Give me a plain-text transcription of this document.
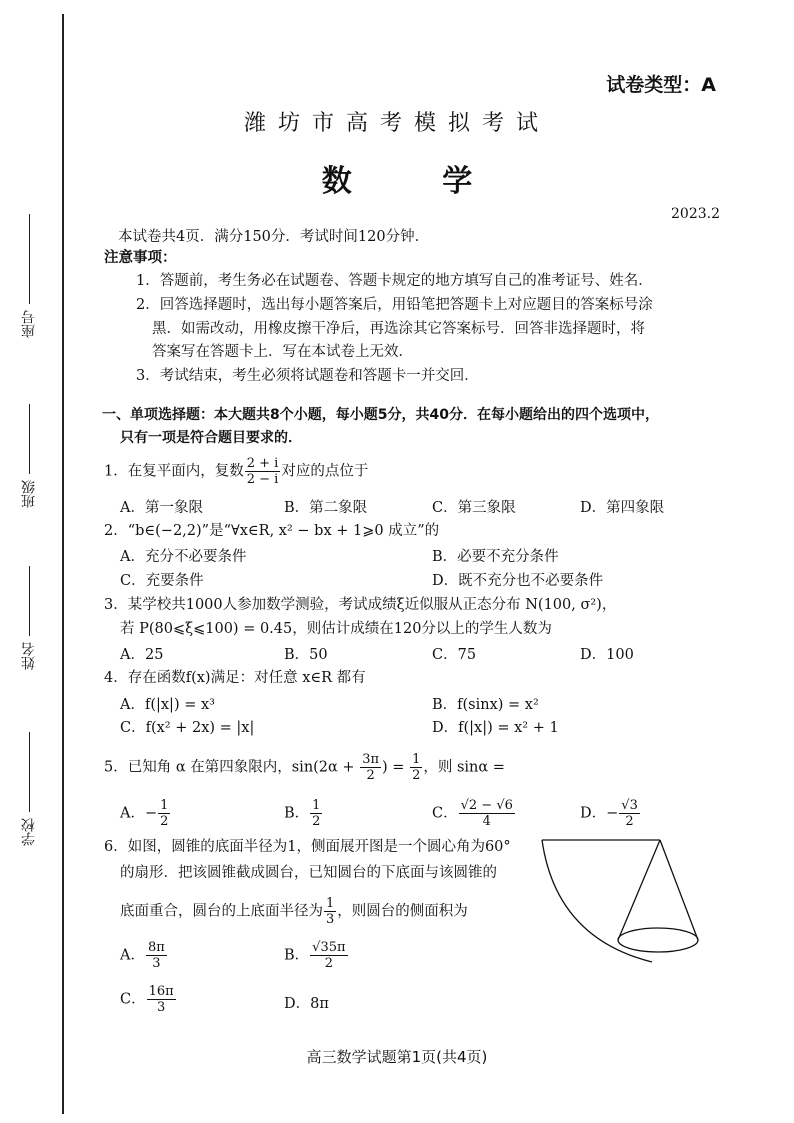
座号
班级
姓名
学校
试卷类型：A
潍坊市高考模拟考试
数 学
2023.2
本试卷共4页．满分150分．考试时间120分钟．
注意事项：
1．答题前，考生务必在试题卷、答题卡规定的地方填写自己的准考证号、姓名．
2．回答选择题时，选出每小题答案后，用铅笔把答题卡上对应题目的答案标号涂
黑．如需改动，用橡皮擦干净后，再选涂其它答案标号．回答非选择题时，将
答案写在答题卡上．写在本试卷上无效．
3．考试结束，考生必须将试题卷和答题卡一并交回．
一、单项选择题：本大题共8个小题，每小题5分，共40分．在每小题给出的四个选项中，
只有一项是符合题目要求的．
1．在复平面内，复数 $\frac{2 + i}{2 - i}$ 对应的点位于
A．第一象限	B．第二象限	C．第三象限	D．第四象限
2．“b∈(−2,2)”是“∀x∈R, x² − bx + 1⩾0 成立”的
A．充分不必要条件	B．必要不充分条件
C．充要条件	D．既不充分也不必要条件
3．某学校共1000人参加数学测验，考试成绩ξ近似服从正态分布 N(100, σ²)，
若 P(80⩽ξ⩽100) = 0.45，则估计成绩在120分以上的学生人数为
A．25	B．50	C．75	D．100
4．存在函数f(x)满足：对任意 x∈R 都有
A．f(|x|) = x³	B．f(sinx) = x²
C．f(x² + 2x) = |x|	D．f(|x|) = x² + 1
5．已知角 α 在第四象限内，$\sin(2\alpha + \frac{3\pi}{2}$ ) = $\frac{1}{2}$ ，则 sinα =
A．− $\frac{1}{2}$	B． $\frac{1}{2}$	C． $\frac{√2 - √6}{4}$	D．− $\frac{√3}{2}$
6．如图，圆锥的底面半径为1，侧面展开图是一个圆心角为60°
的扇形．把该圆锥截成圆台，已知圆台的下底面与该圆锥的
底面重合，圆台的上底面半径为 $\frac{1}{3}$ ，则圆台的侧面积为
A． $\frac{8\pi}{3}$	B． $\frac{√35\pi}{2}$
C． $\frac{16\pi}{3}$	D．8π
高三数学试题第1页(共4页)
